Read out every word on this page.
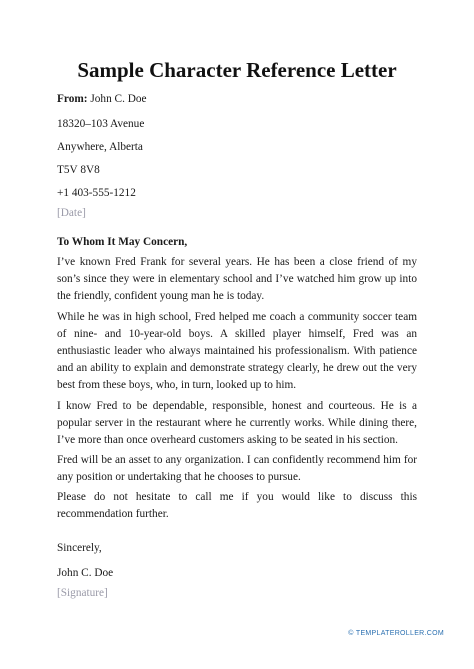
Sample Character Reference Letter
From: John C. Doe
18320–103 Avenue
Anywhere, Alberta
T5V 8V8
+1 403-555-1212
[Date]
To Whom It May Concern,
I’ve known Fred Frank for several years. He has been a close friend of my son’s since they were in elementary school and I’ve watched him grow up into the friendly, confident young man he is today.
While he was in high school, Fred helped me coach a community soccer team of nine- and 10-year-old boys. A skilled player himself, Fred was an enthusiastic leader who always maintained his professionalism. With patience and an ability to explain and demonstrate strategy clearly, he drew out the very best from these boys, who, in turn, looked up to him.
I know Fred to be dependable, responsible, honest and courteous. He is a popular server in the restaurant where he currently works. While dining there, I’ve more than once overheard customers asking to be seated in his section.
Fred will be an asset to any organization. I can confidently recommend him for any position or undertaking that he chooses to pursue.
Please do not hesitate to call me if you would like to discuss this recommendation further.
Sincerely,
John C. Doe
[Signature]
© TEMPLATEROLLER.COM
